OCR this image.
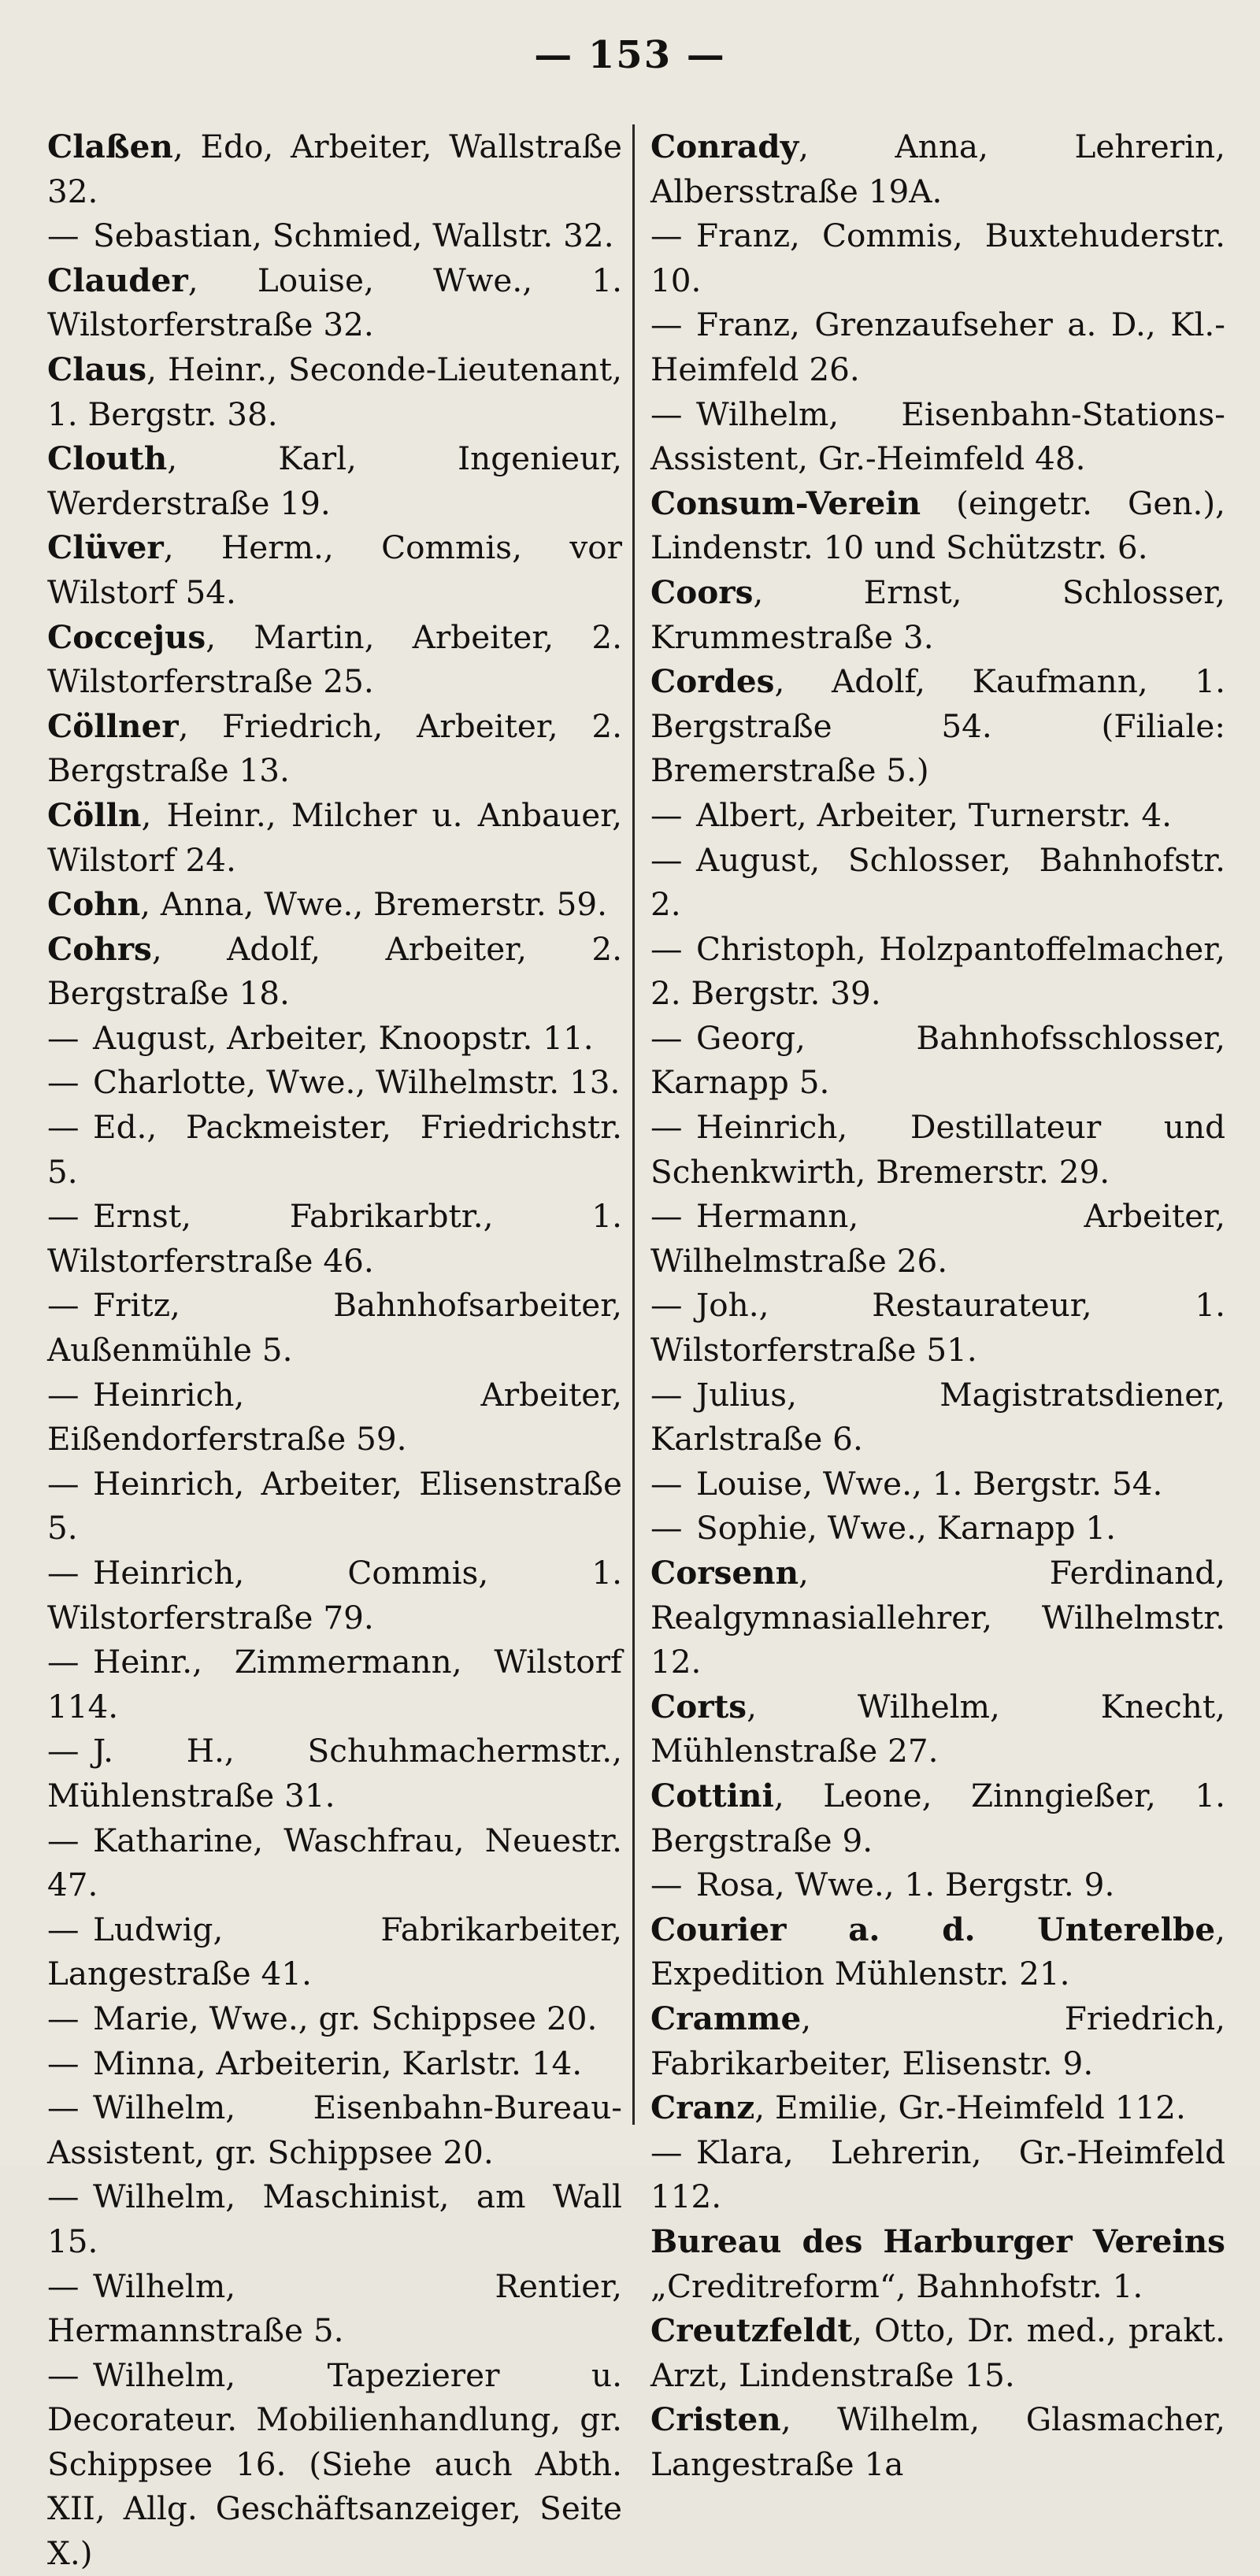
— 153 —

Claßen, Edo, Arbeiter, Wallstraße 32.

— Sebastian, Schmied, Wallstr. 32.

Clauder, Louise, Wwe., 1. Wilstorferstraße 32.

Claus, Heinr., Seconde-Lieutenant, 1. Bergstr. 38.

Clouth, Karl, Ingenieur, Werderstraße 19.

Clüver, Herm., Commis, vor Wilstorf 54.

Coccejus, Martin, Arbeiter, 2. Wilstorferstraße 25.

Cöllner, Friedrich, Arbeiter, 2. Bergstraße 13.

Cölln, Heinr., Milcher u. Anbauer, Wilstorf 24.

Cohn, Anna, Wwe., Bremerstr. 59.

Cohrs, Adolf, Arbeiter, 2. Bergstraße 18.

— August, Arbeiter, Knoopstr. 11.

— Charlotte, Wwe., Wilhelmstr. 13.

— Ed., Packmeister, Friedrichstr. 5.

— Ernst, Fabrikarbtr., 1. Wilstorferstraße 46.

— Fritz, Bahnhofsarbeiter, Außenmühle 5.

— Heinrich, Arbeiter, Eißendorferstraße 59.

— Heinrich, Arbeiter, Elisenstraße 5.

— Heinrich, Commis, 1. Wilstorferstraße 79.

— Heinr., Zimmermann, Wilstorf 114.

— J. H., Schuhmachermstr., Mühlenstraße 31.

— Katharine, Waschfrau, Neuestr. 47.

— Ludwig, Fabrikarbeiter, Langestraße 41.

— Marie, Wwe., gr. Schippsee 20.

— Minna, Arbeiterin, Karlstr. 14.

— Wilhelm, Eisenbahn-Bureau-Assistent, gr. Schippsee 20.

— Wilhelm, Maschinist, am Wall 15.

— Wilhelm, Rentier, Hermannstraße 5.

— Wilhelm, Tapezierer u. Decorateur. Mobilienhandlung, gr. Schippsee 16. (Siehe auch Abth. XII, Allg. Geschäftsanzeiger, Seite X.)

Conrady, Anna, Lehrerin, Albersstraße 19A.

— Franz, Commis, Buxtehuderstr. 10.

— Franz, Grenzaufseher a. D., Kl.-Heimfeld 26.

— Wilhelm, Eisenbahn-Stations-Assistent, Gr.-Heimfeld 48.

Consum-Verein (eingetr. Gen.), Lindenstr. 10 und Schützstr. 6.

Coors, Ernst, Schlosser, Krummestraße 3.

Cordes, Adolf, Kaufmann, 1. Bergstraße 54. (Filiale: Bremerstraße 5.)

— Albert, Arbeiter, Turnerstr. 4.

— August, Schlosser, Bahnhofstr. 2.

— Christoph, Holzpantoffelmacher, 2. Bergstr. 39.

— Georg, Bahnhofsschlosser, Karnapp 5.

— Heinrich, Destillateur und Schenkwirth, Bremerstr. 29.

— Hermann, Arbeiter, Wilhelmstraße 26.

— Joh., Restaurateur, 1. Wilstorferstraße 51.

— Julius, Magistratsdiener, Karlstraße 6.

— Louise, Wwe., 1. Bergstr. 54.

— Sophie, Wwe., Karnapp 1.

Corsenn, Ferdinand, Realgymnasiallehrer, Wilhelmstr. 12.

Corts, Wilhelm, Knecht, Mühlenstraße 27.

Cottini, Leone, Zinngießer, 1. Bergstraße 9.

— Rosa, Wwe., 1. Bergstr. 9.

Courier a. d. Unterelbe, Expedition Mühlenstr. 21.

Cramme, Friedrich, Fabrikarbeiter, Elisenstr. 9.

Cranz, Emilie, Gr.-Heimfeld 112.

— Klara, Lehrerin, Gr.-Heimfeld 112.

Bureau des Harburger Vereins „Creditreform“, Bahnhofstr. 1.

Creutzfeldt, Otto, Dr. med., prakt. Arzt, Lindenstraße 15.

Cristen, Wilhelm, Glasmacher, Langestraße 1a
